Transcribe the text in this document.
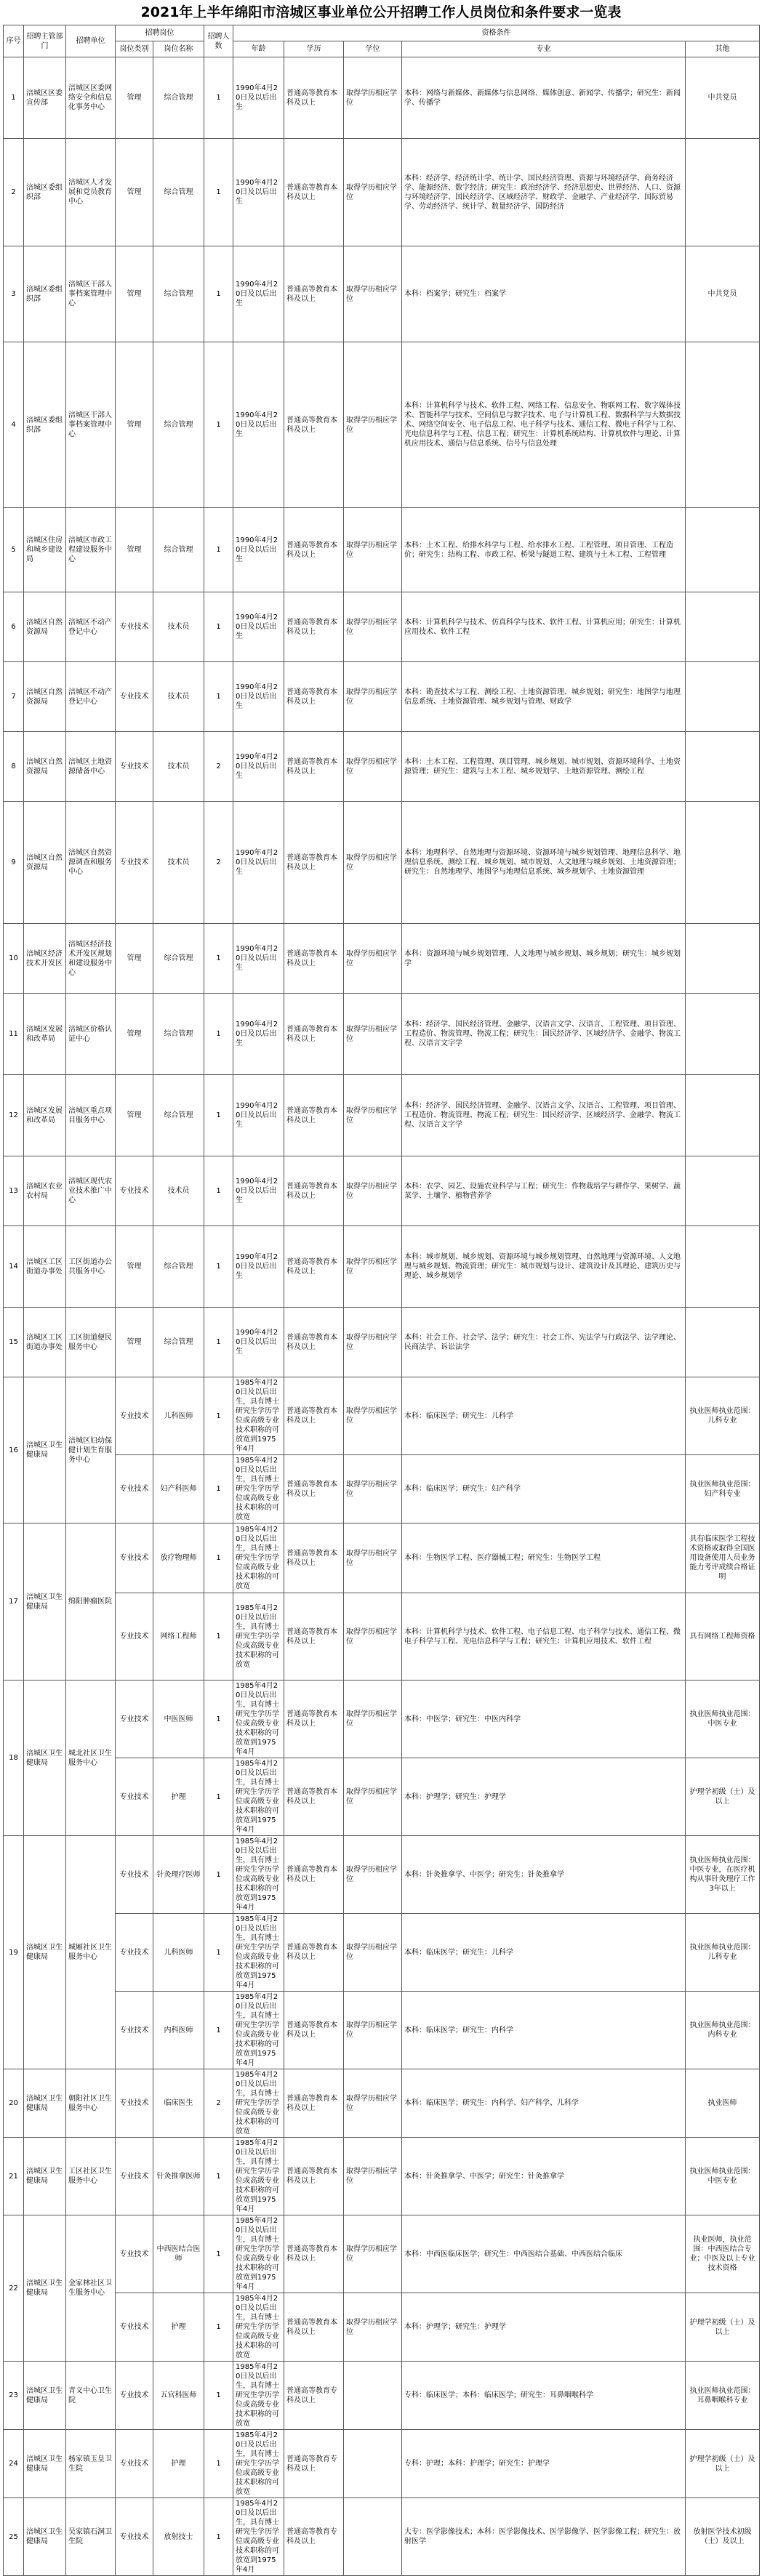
2021年上半年绵阳市涪城区事业单位公开招聘工作人员岗位和条件要求一览表
序号	招聘主管部门	招聘单位	招聘岗位		招聘人数	资格条件				
			岗位类别	岗位名称		年龄	学历	学位	专业	其他
1	涪城区区委宣传部	涪城区区委网络安全和信息化事务中心	管理	综合管理	1	1990年4月20日及以后出生	普通高等教育本科及以上	取得学历相应学位	本科：网络与新媒体、新媒体与信息网络、媒体创意、新闻学、传播学；研究生：新闻学、传播学	中共党员
2	涪城区委组织部	涪城区人才发展和党员教育中心	管理	综合管理	1	1990年4月20日及以后出生	普通高等教育本科及以上	取得学历相应学位	本科：经济学、经济统计学、统计学、国民经济管理、资源与环境经济学、商务经济学、能源经济、数字经济；研究生：政治经济学、经济思想史、世界经济、人口、资源与环境经济学、国民经济学、区域经济学、财政学、金融学、产业经济学、国际贸易学、劳动经济学、统计学、数量经济学、国防经济	
3	涪城区委组织部	涪城区干部人事档案管理中心	管理	综合管理	1	1990年4月20日及以后出生	普通高等教育本科及以上	取得学历相应学位	本科：档案学；研究生：档案学	中共党员
4	涪城区委组织部	涪城区干部人事档案管理中心	管理	综合管理	1	1990年4月20日及以后出生	普通高等教育本科及以上	取得学历相应学位	本科：计算机科学与技术、软件工程、网络工程、信息安全、物联网工程、数字媒体技术、智能科学与技术、空间信息与数字技术、电子与计算机工程、数据科学与大数据技术、网络空间安全、电子信息工程、电子科学与技术、通信工程、微电子科学与工程、光电信息科学与工程、信息工程；研究生：计算机系统结构、计算机软件与理论、计算机应用技术、通信与信息系统、信号与信息处理	
5	涪城区住房和城乡建设局	涪城区市政工程建设服务中心	管理	综合管理	1	1990年4月20日及以后出生	普通高等教育本科及以上	取得学历相应学位	本科：土木工程、给排水科学与工程、给水排水工程、工程管理、项目管理、工程造价；研究生：结构工程、市政工程、桥梁与隧道工程、建筑与土木工程、工程管理	
6	涪城区自然资源局	涪城区不动产登记中心	专业技术	技术员	1	1990年4月20日及以后出生	普通高等教育本科及以上	取得学历相应学位	本科：计算机科学与技术、仿真科学与技术、软件工程、计算机应用；研究生：计算机应用技术、软件工程	
7	涪城区自然资源局	涪城区不动产登记中心	专业技术	技术员	1	1990年4月20日及以后出生	普通高等教育本科及以上	取得学历相应学位	本科：勘查技术与工程、测绘工程、土地资源管理、城乡规划；研究生：地图学与地理信息系统、土地资源管理、城乡规划与管理、财政学	
8	涪城区自然资源局	涪城区土地资源储备中心	专业技术	技术员	2	1990年4月20日及以后出生	普通高等教育本科及以上	取得学历相应学位	本科：土木工程、工程管理、项目管理、城乡规划、城市规划、资源环境科学、土地资源管理；研究生：建筑与土木工程、城乡规划学、土地资源管理、测绘工程	
9	涪城区自然资源局	涪城区自然资源调查和服务中心	专业技术	技术员	2	1990年4月20日及以后出生	普通高等教育本科及以上	取得学历相应学位	本科：地理科学、自然地理与资源环境、资源环境与城乡规划管理、地理信息科学、地理信息系统、测绘工程、城乡规划、城市规划、人文地理与城乡规划、土地资源管理；研究生：自然地理学、地图学与地理信息系统、城乡规划学、土地资源管理	
10	涪城区经济技术开发区	涪城区经济技术开发区规划和建设服务中心	管理	综合管理	1	1990年4月20日及以后出生	普通高等教育本科及以上	取得学历相应学位	本科：资源环境与城乡规划管理、人文地理与城乡规划、城乡规划；研究生：城乡规划学	
11	涪城区发展和改革局	涪城区价格认证中心	管理	综合管理	1	1990年4月20日及以后出生	普通高等教育本科及以上	取得学历相应学位	本科：经济学、国民经济管理、金融学、汉语言文学、汉语言、工程管理、项目管理、工程造价、物流管理、物流工程；研究生：国民经济学、区域经济学、金融学、物流工程、汉语言文字学	
12	涪城区发展和改革局	涪城区重点项目服务中心	管理	综合管理	1	1990年4月20日及以后出生	普通高等教育本科及以上	取得学历相应学位	本科：经济学、国民经济管理、金融学、汉语言文学、汉语言、工程管理、项目管理、工程造价、物流管理、物流工程；研究生：国民经济学、区域经济学、金融学、物流工程、汉语言文字学	
13	涪城区农业农村局	涪城区现代农业技术推广中心	专业技术	技术员	1	1990年4月20日及以后出生	普通高等教育本科及以上	取得学历相应学位	本科：农学、园艺、设施农业科学与工程；研究生：作物栽培学与耕作学、果树学、蔬菜学、土壤学、植物营养学	
14	涪城区工区街道办事处	工区街道办公共服务中心	管理	综合管理	1	1990年4月20日及以后出生	普通高等教育本科及以上	取得学历相应学位	本科：城市规划、城乡规划、资源环境与城乡规划管理、自然地理与资源环境、人文地理与城乡规划、物流管理；研究生：城市规划与设计、建筑设计及其理论、建筑历史与理论、城乡规划学	
15	涪城区工区街道办事处	工区街道便民服务中心	管理	综合管理	1	1990年4月20日及以后出生	普通高等教育本科及以上	取得学历相应学位	本科：社会工作、社会学、法学；研究生：社会工作、宪法学与行政法学、法学理论、民商法学、诉讼法学	
16	涪城区卫生健康局	涪城区妇幼保健计划生育服务中心	专业技术	儿科医师	1	1985年4月20日及以后出生，具有博士研究生学历学位或高级专业技术职称的可放宽到1975年4月	普通高等教育本科及以上	取得学历相应学位	本科：临床医学；研究生：儿科学	执业医师执业范围：儿科专业
			专业技术	妇产科医师	1	1985年4月20日及以后出生，具有博士研究生学历学位或高级专业技术职称的可放宽	普通高等教育本科及以上	取得学历相应学位	本科：临床医学；研究生：妇产科学	执业医师执业范围：妇产科专业
17	涪城区卫生健康局	绵阳肿瘤医院	专业技术	放疗物理师	1	1985年4月20日及以后出生，具有博士研究生学历学位或高级专业技术职称的可放宽	普通高等教育本科及以上	取得学历相应学位	本科：生物医学工程、医疗器械工程；研究生：生物医学工程	具有临床医学工程技术资格或取得全国医用设备使用人员业务能力考评成绩合格证明
			专业技术	网络工程师	1	1985年4月20日及以后出生，具有博士研究生学历学位或高级专业技术职称的可放宽	普通高等教育本科及以上	取得学历相应学位	本科：计算机科学与技术、软件工程、电子信息工程、电子科学与技术、通信工程、微电子科学与工程、光电信息科学与工程；研究生：计算机应用技术、软件工程	具有网络工程师资格
18	涪城区卫生健康局	城北社区卫生服务中心	专业技术	中医医师	1	1985年4月20日及以后出生，具有博士研究生学历学位或高级专业技术职称的可放宽到1975年4月	普通高等教育本科及以上	取得学历相应学位	本科：中医学；研究生：中医内科学	执业医师执业范围：中医专业
			专业技术	护理	1	1985年4月20日及以后出生，具有博士研究生学历学位或高级专业技术职称的可放宽到1975年4月	普通高等教育本科及以上	取得学历相应学位	本科：护理学；研究生：护理学	护理学初级（士）及以上
19	涪城区卫生健康局	城厢社区卫生服务中心	专业技术	针灸理疗医师	1	1985年4月20日及以后出生，具有博士研究生学历学位或高级专业技术职称的可放宽到1975年4月	普通高等教育本科及以上	取得学历相应学位	本科：针灸推拿学、中医学；研究生：针灸推拿学	执业医师执业范围：中医专业，在医疗机构从事针灸理疗工作3年以上
			专业技术	儿科医师	1	1985年4月20日及以后出生，具有博士研究生学历学位或高级专业技术职称的可放宽到1975年4月	普通高等教育本科及以上	取得学历相应学位	本科：临床医学；研究生：儿科学	执业医师执业范围：儿科专业
			专业技术	内科医师	1	1985年4月20日及以后出生，具有博士研究生学历学位或高级专业技术职称的可放宽到1975年4月	普通高等教育本科及以上	取得学历相应学位	本科：临床医学；研究生：内科学	执业医师执业范围：内科专业
20	涪城区卫生健康局	朝阳社区卫生服务中心	专业技术	临床医生	2	1985年4月20日及以后出生，具有博士研究生学历学位或高级专业技术职称的可放宽	普通高等教育本科及以上	取得学历相应学位	本科：临床医学；研究生：内科学、妇产科学、儿科学	执业医师
21	涪城区卫生健康局	工区社区卫生服务中心	专业技术	针灸推拿医师	1	1985年4月20日及以后出生，具有博士研究生学历学位或高级专业技术职称的可放宽到1975年4月	普通高等教育本科及以上	取得学历相应学位	本科：针灸推拿学、中医学；研究生：针灸推拿学	执业医师执业范围：中医专业
22	涪城区卫生健康局	金家林社区卫生服务中心	专业技术	中西医结合医师	1	1985年4月20日及以后出生，具有博士研究生学历学位或高级专业技术职称的可放宽到1975年4月	普通高等教育本科及以上	取得学历相应学位	本科：中西医临床医学；研究生：中西医结合基础、中西医结合临床	执业医师，执业范围：中西医结合专业；中医及以上专业技术资格
			专业技术	护理	1	1985年4月20日及以后出生，具有博士研究生学历学位或高级专业技术职称的可放宽	普通高等教育本科及以上	取得学历相应学位	本科：护理学；研究生：护理学	护理学初级（士）及以上
23	涪城区卫生健康局	青义中心卫生院	专业技术	五官科医师	1	1985年4月20日及以后出生，具有博士研究生学历学位或高级专业技术职称的可放宽	普通高等教育专科及以上		专科：临床医学；本科：临床医学；研究生：耳鼻咽喉科学	执业医师执业范围：耳鼻咽喉科专业
24	涪城区卫生健康局	杨家镇玉皇卫生院	专业技术	护理	1	1985年4月20日及以后出生，具有博士研究生学历学位或高级专业技术职称的可放宽	普通高等教育专科及以上		专科：护理；本科：护理学；研究生：护理学	护理学初级（士）及以上
25	涪城区卫生健康局	吴家镇石洞卫生院	专业技术	放射技士	1	1985年4月20日及以后出生，具有博士研究生学历学位或高级专业技术职称的可放宽到1975年4月	普通高等教育专科及以上		大专：医学影像技术；本科：医学影像技术、医学影像学、医学影像工程；研究生：放射医学	放射医学技术初级（士）及以上
